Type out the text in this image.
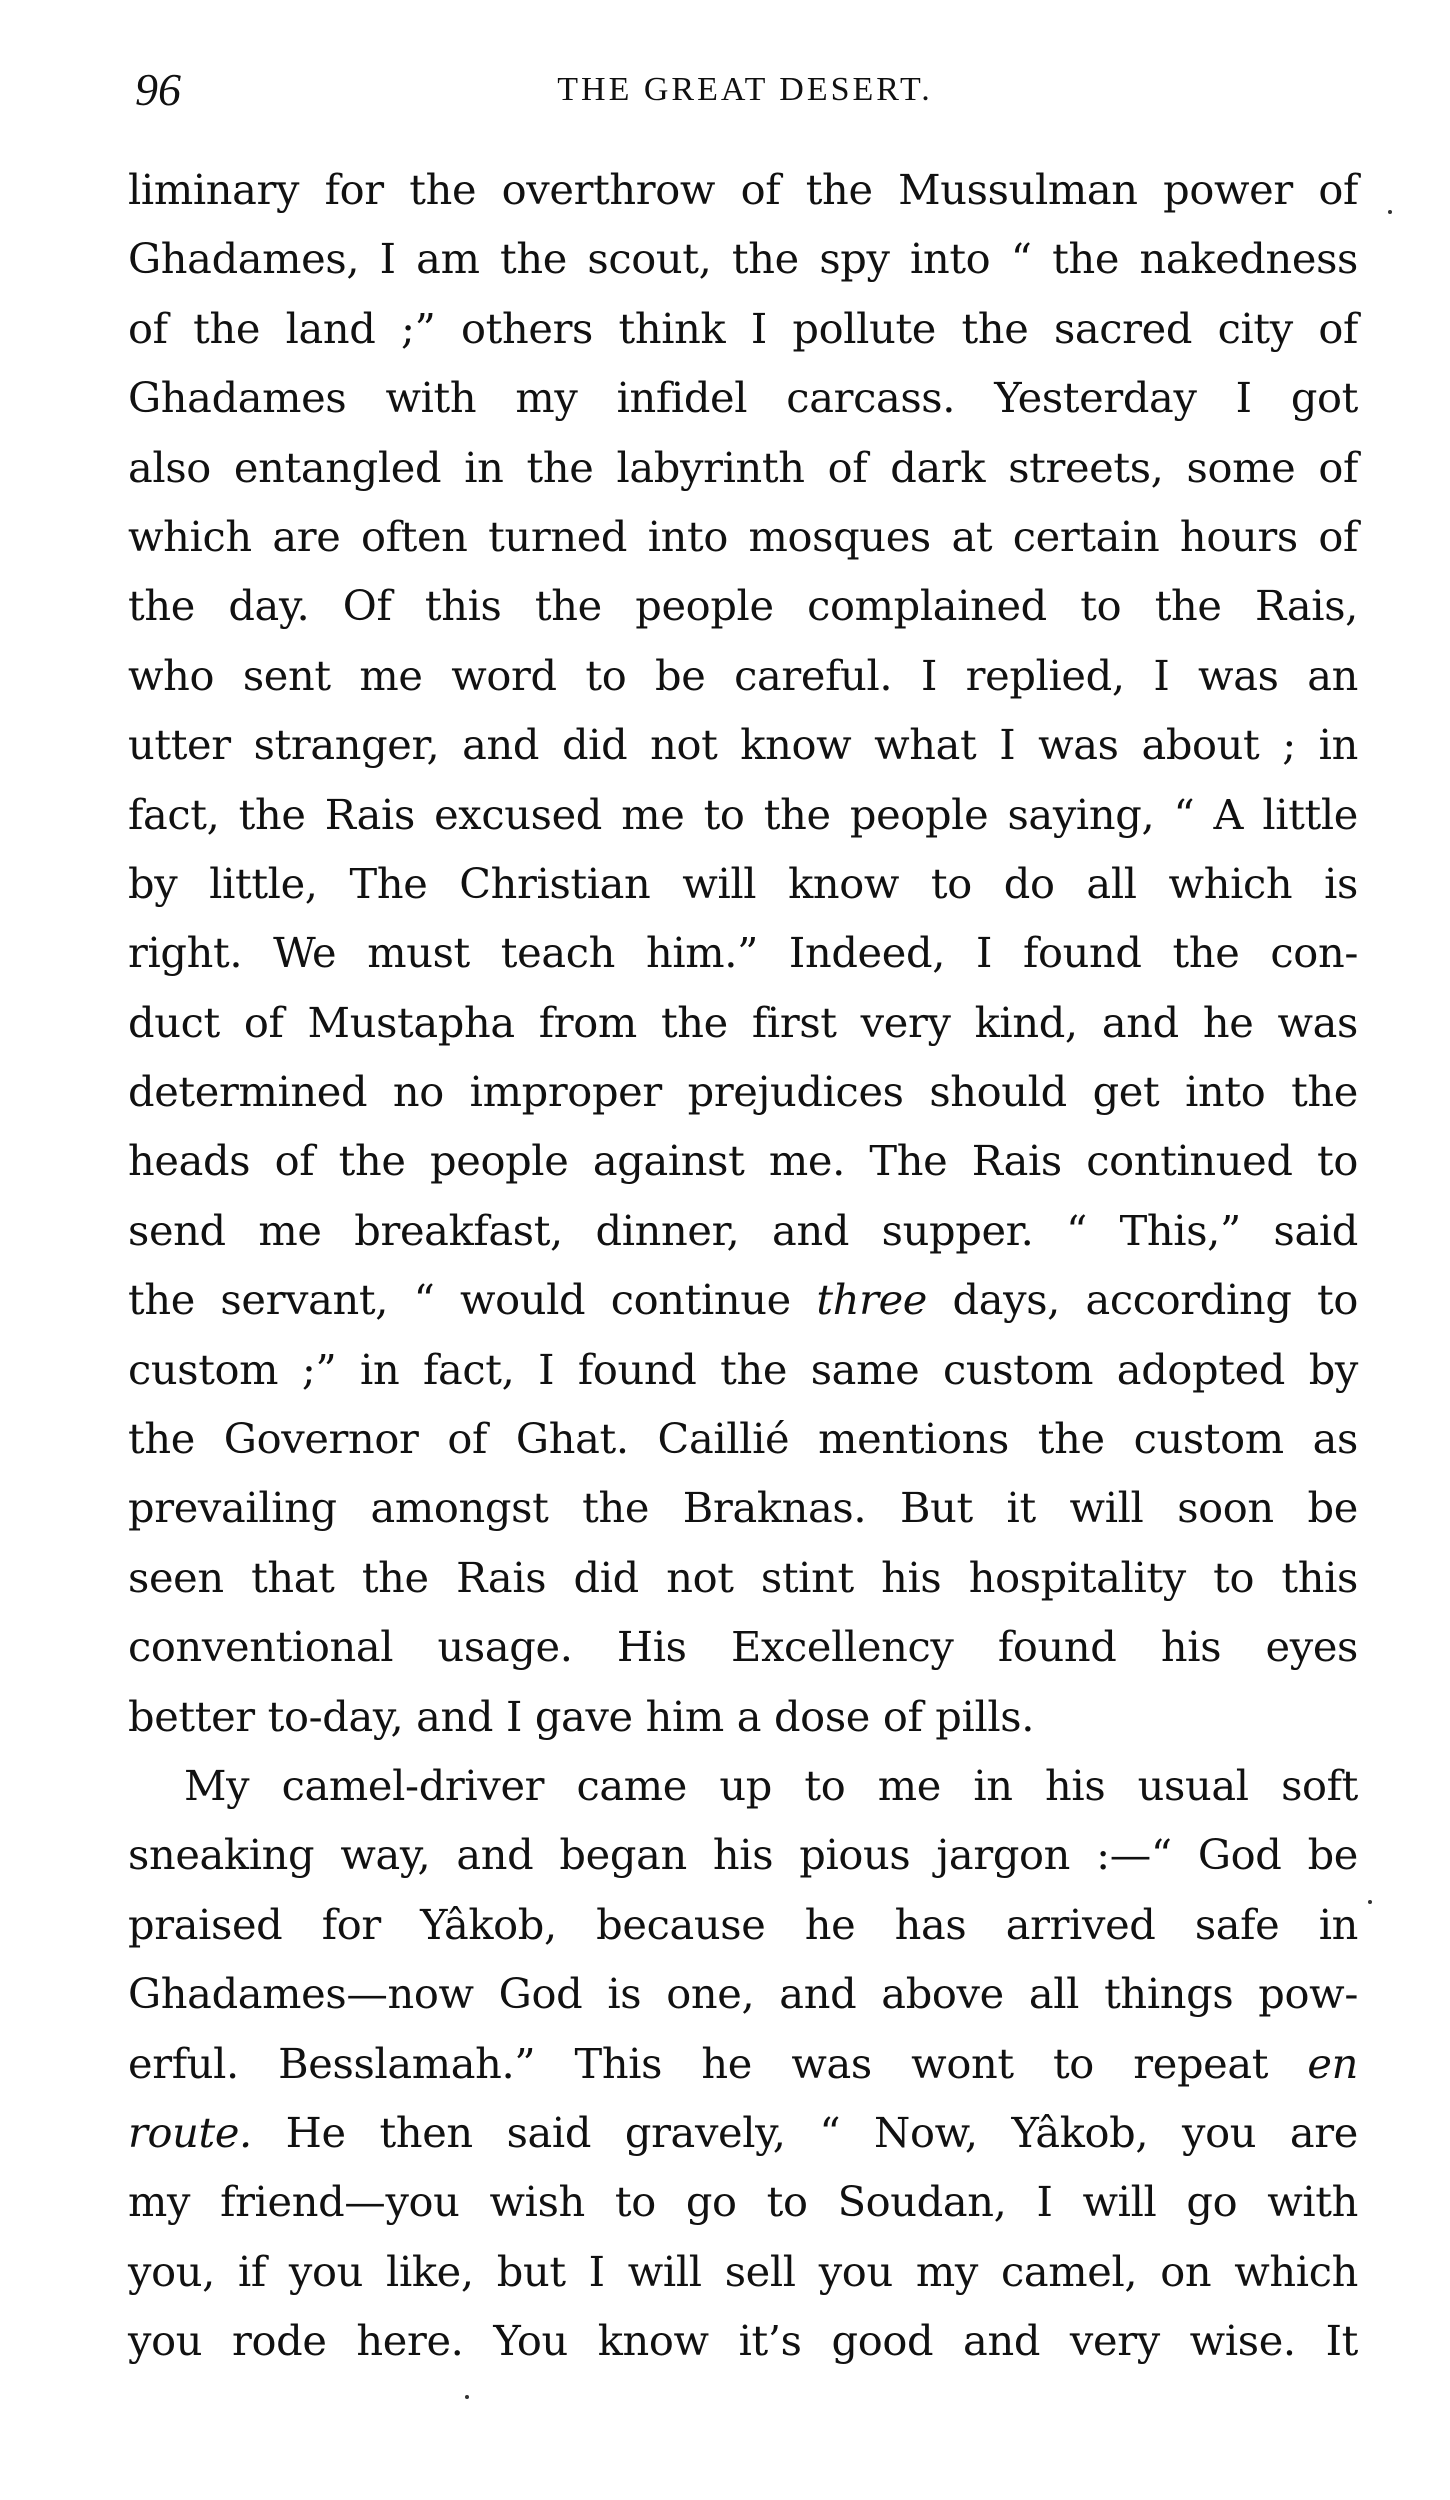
96	THE GREAT DESERT.
liminary for the overthrow of the Mussulman power of
Ghadames, I am the scout, the spy into “ the nakedness
of the land ;” others think I pollute the sacred city of
Ghadames with my infidel carcass. Yesterday I got
also entangled in the labyrinth of dark streets, some of
which are often turned into mosques at certain hours of
the day. Of this the people complained to the Rais,
who sent me word to be careful. I replied, I was an
utter stranger, and did not know what I was about ; in
fact, the Rais excused me to the people saying, “ A little
by little, The Christian will know to do all which is
right. We must teach him.” Indeed, I found the con-
duct of Mustapha from the first very kind, and he was
determined no improper prejudices should get into the
heads of the people against me. The Rais continued to
send me breakfast, dinner, and supper. “ This,” said
the servant, “ would continue three days, according to
custom ;” in fact, I found the same custom adopted by
the Governor of Ghat. Caillié mentions the custom as
prevailing amongst the Braknas. But it will soon be
seen that the Rais did not stint his hospitality to this
conventional usage. His Excellency found his eyes
better to-day, and I gave him a dose of pills.
My camel-driver came up to me in his usual soft
sneaking way, and began his pious jargon :—“ God be
praised for Yâkob, because he has arrived safe in
Ghadames—now God is one, and above all things pow-
erful. Besslamah.” This he was wont to repeat en
route. He then said gravely, “ Now, Yâkob, you are
my friend—you wish to go to Soudan, I will go with
you, if you like, but I will sell you my camel, on which
you rode here. You know it’s good and very wise. It
